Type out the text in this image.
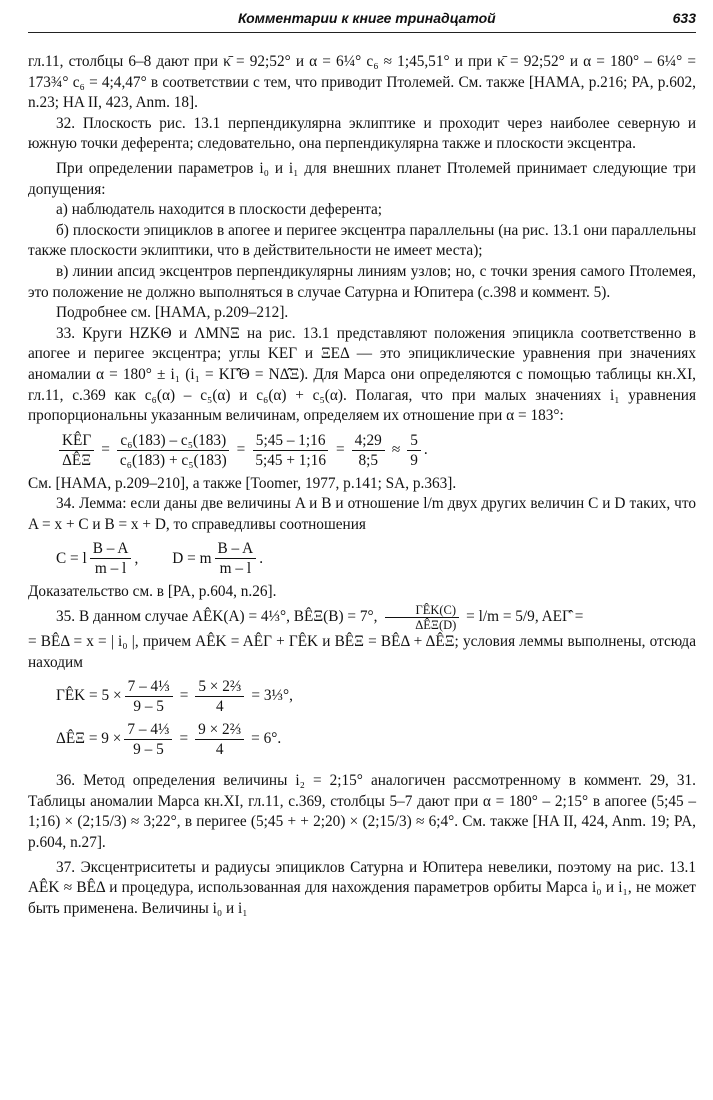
Комментарии к книге тринадцатой	633

гл.11, столбцы 6–8 дают при κ̄ = 92;52° и α = 6¼° c₆ ≈ 1;45,51° и при κ̄ = 92;52° и α = 180° – 6¼° = 173¾° c₆ = 4;4,47° в соответствии с тем, что приводит Птолемей. См. также [HAMA, p.216; PA, p.602, n.23; HA II, 423, Anm. 18].

32. Плоскость рис. 13.1 перпендикулярна эклиптике и проходит через наиболее северную и южную точки деферента; следовательно, она перпендикулярна также и плоскости эксцентра.

При определении параметров i₀ и i₁ для внешних планет Птолемей принимает следующие три допущения:

а) наблюдатель находится в плоскости деферента;

б) плоскости эпициклов в апогее и перигее эксцентра параллельны (на рис. 13.1 они параллельны также плоскости эклиптики, что в действительности не имеет места);

в) линии апсид эксцентров перпендикулярны линиям узлов; но, с точки зрения самого Птолемея, это положение не должно выполняться в случае Сатурна и Юпитера (с.398 и коммент. 5).

Подробнее см. [HAMA, p.209–212].

33. Круги HZKΘ и ΛMNΞ на рис. 13.1 представляют положения эпицикла соответственно в апогее и перигее эксцентра; углы KEΓ и ΞEΔ — это эпициклические уравнения при значениях аномалии α = 180° ± i₁ (i₁ = KΓ̂Θ = NΔ̂Ξ). Для Марса они определяются с помощью таблицы кн.XI, гл.11, с.369 как c₆(α) – c₅(α) и c₆(α) + c₅(α). Полагая, что при малых значениях i₁ уравнения пропорциональны указанным величинам, определяем их отношение при α = 183°:

$\frac{\text{KÊΓ}}{\text{ΔÊΞ}} = \frac{\text{c₆(183) – c₅(183)}}{\text{c₆(183) + c₅(183)}} = \frac{5;45 - 1;16}{5;45 + 1;16} = \frac{4;29}{8;5} \approx \frac{5}{9}$ .

См. [HAMA, p.209–210], а также [Toomer, 1977, p.141; SA, p.363].

34. Лемма: если даны две величины A и B и отношение l/m двух других величин C и D таких, что A = x + C и B = x + D, то справедливы соотношения

C = l $\frac{B - A}{m - l}$ , D = m $\frac{B - A}{m - l}$ .

Доказательство см. в [PA, p.604, n.26].

35. В данном случае AÊK(A) = 4⅓°, BÊΞ(B) = 7°, $\frac{\text{ΓÊK(C)}}{\text{ΔÊΞ(D)}} = l/m = 5/9$, AEΓ̂ =

= BÊΔ = x = | i₀ |, причем AÊK = AÊΓ + ΓÊK и BÊΞ = BÊΔ + ΔÊΞ; условия леммы выполнены, отсюда находим

ΓÊK = $5 \times \frac{\text{7 – 4⅓}}{9 - 5} = \frac{\text{5 × 2⅔}}{4}$ = 3⅓°,
ΔÊΞ = $9 \times \frac{\text{7 – 4⅓}}{9 - 5} = \frac{\text{9 × 2⅔}}{4} = 6^\circ$.

36. Метод определения величины i₂ = 2;15° аналогичен рассмотренному в коммент. 29, 31. Таблицы аномалии Марса кн.XI, гл.11, с.369, столбцы 5–7 дают при α = 180° – 2;15° в апогее (5;45 – 1;16) × (2;15/3) ≈ 3;22°, в перигее (5;45 + + 2;20) × (2;15/3) ≈ 6;4°. См. также [HA II, 424, Anm. 19; PA, p.604, n.27].

37. Эксцентриситеты и радиусы эпициклов Сатурна и Юпитера невелики, поэтому на рис. 13.1 AÊK ≈ BÊΔ и процедура, использованная для нахождения параметров орбиты Марса i₀ и i₁, не может быть применена. Величины i₀ и i₁
